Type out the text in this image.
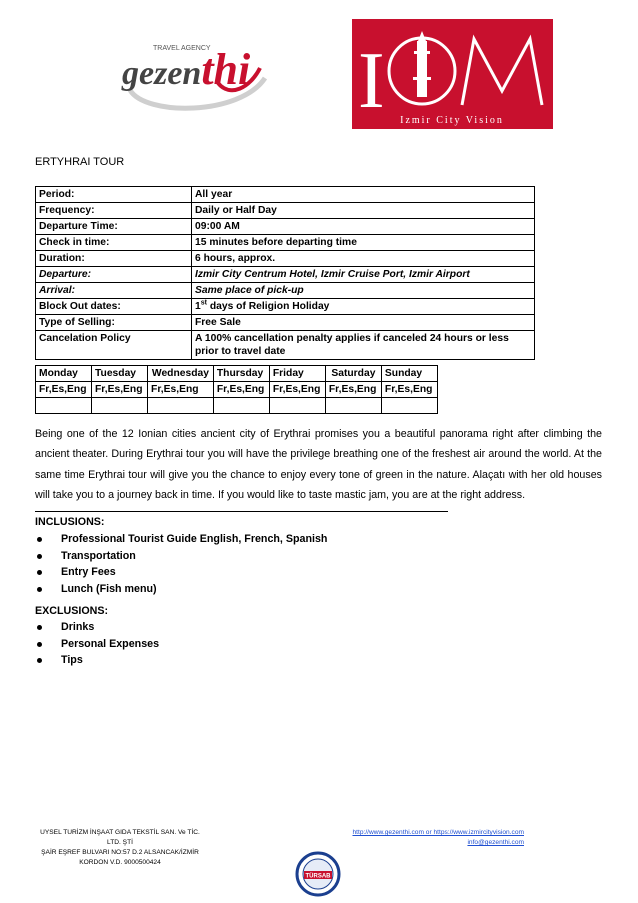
TRAVEL AGENCY
gezenthi I Izmir City Vision
ERTYHRAI TOUR
Period:	All year
Frequency:	Daily or Half Day
Departure Time:	09:00 AM
Check in time:	15 minutes before departing time
Duration:	6 hours, approx.
Departure:	Izmir City Centrum Hotel, Izmir Cruise Port, Izmir Airport
Arrival:	Same place of pick-up
Block Out dates:	1st days of Religion Holiday
Type of Selling:	Free Sale
Cancelation Policy	A 100% cancellation penalty applies if canceled 24 hours or less prior to travel date
Monday	Tuesday	Wednesday	Thursday	Friday	Saturday	Sunday
Fr,Es,Eng	Fr,Es,Eng	Fr,Es,Eng	Fr,Es,Eng	Fr,Es,Eng	Fr,Es,Eng	Fr,Es,Eng

Being one of the 12 Ionian cities ancient city of Erythrai promises you a beautiful panorama right after climbing the ancient theater. During Erythrai tour you will have the privilege breathing one of the freshest air around the world. At the same time Erythrai tour will give you the chance to enjoy every tone of green in the nature. Alaçatı with her old houses will take you to a journey back in time. If you would like to taste mastic jam, you are at the right address.
INCLUSIONS:
Professional Tourist Guide English, French, Spanish
Transportation
Entry Fees
Lunch (Fish menu)
EXCLUSIONS:
Drinks
Personal Expenses
Tips
UYSEL TURİZM İNŞAAT GIDA TEKSTİL SAN. Ve TİC. LTD. ŞTİ
ŞAİR EŞREF BULVARI NO:57 D.2 ALSANCAK/İZMİR
KORDON V.D. 9000500424
http://www.gezenthi.com or https://www.izmircityvision.com
info@gezenthi.com
TÜRSAB
